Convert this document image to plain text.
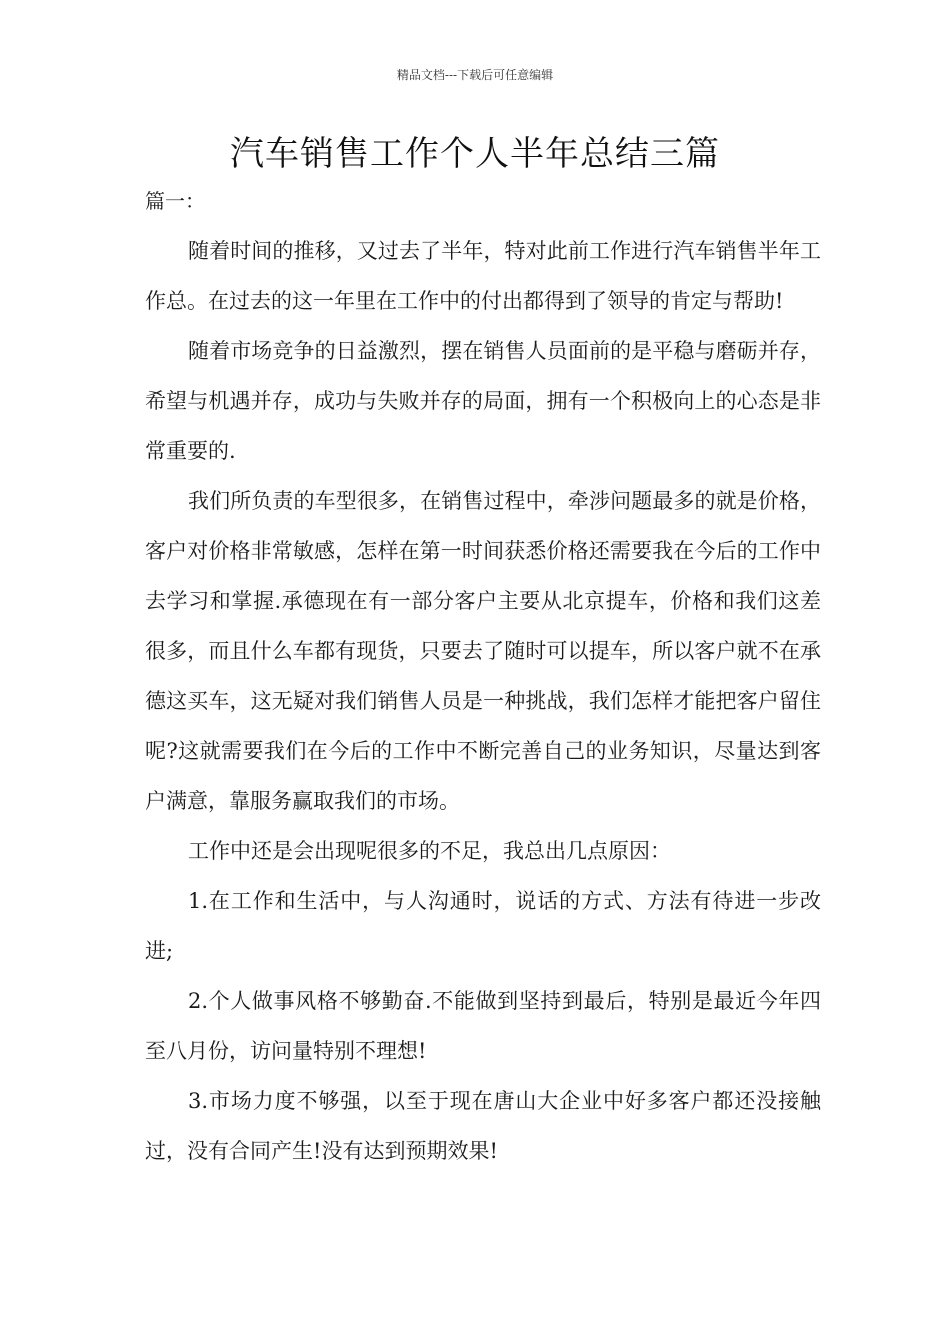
精品文档---下载后可任意编辑
汽车销售工作个人半年总结三篇

篇一：

随着时间的推移，又过去了半年，特对此前工作进行汽车销售半年工作总。在过去的这一年里在工作中的付出都得到了领导的肯定与帮助!

随着市场竞争的日益激烈，摆在销售人员面前的是平稳与磨砺并存，希望与机遇并存，成功与失败并存的局面，拥有一个积极向上的心态是非常重要的.

我们所负责的车型很多，在销售过程中，牵涉问题最多的就是价格，客户对价格非常敏感，怎样在第一时间获悉价格还需要我在今后的工作中去学习和掌握.承德现在有一部分客户主要从北京提车，价格和我们这差很多，而且什么车都有现货，只要去了随时可以提车，所以客户就不在承德这买车，这无疑对我们销售人员是一种挑战，我们怎样才能把客户留住呢?这就需要我们在今后的工作中不断完善自己的业务知识，尽量达到客户满意，靠服务赢取我们的市场。

工作中还是会出现呢很多的不足，我总出几点原因：

1.在工作和生活中，与人沟通时，说话的方式、方法有待进一步改进;

2.个人做事风格不够勤奋.不能做到坚持到最后，特别是最近今年四至八月份，访问量特别不理想!

3.市场力度不够强，以至于现在唐山大企业中好多客户都还没接触过，没有合同产生!没有达到预期效果!
